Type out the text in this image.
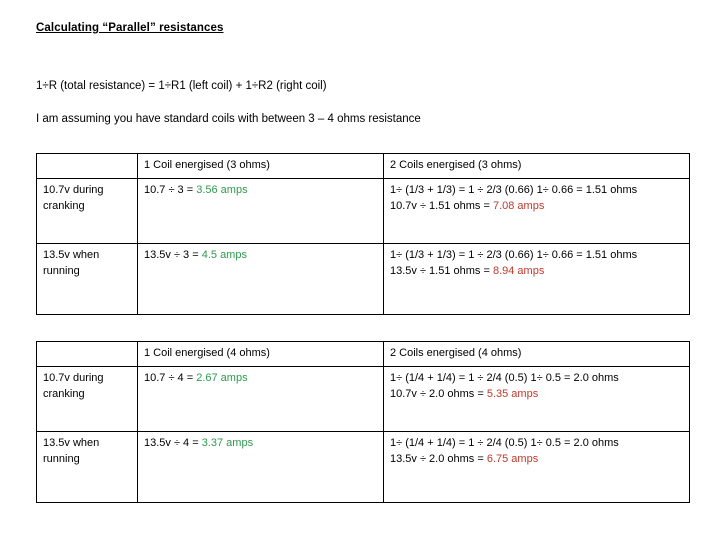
Calculating “Parallel” resistances

1÷R (total resistance) = 1÷R1 (left coil) + 1÷R2 (right coil)

I am assuming you have standard coils with between 3 – 4 ohms resistance

	1 Coil energised (3 ohms)	2 Coils energised (3 ohms)

10.7v during
cranking	10.7 ÷ 3 = 3.56 amps	1÷ (1/3 + 1/3) = 1 ÷ 2/3 (0.66) 1÷ 0.66 = 1.51 ohms
10.7v ÷ 1.51 ohms = 7.08 amps

13.5v when
running	13.5v ÷ 3 = 4.5 amps	1÷ (1/3 + 1/3) = 1 ÷ 2/3 (0.66) 1÷ 0.66 = 1.51 ohms
13.5v ÷ 1.51 ohms = 8.94 amps
	1 Coil energised (4 ohms)	2 Coils energised (4 ohms)

10.7v during
cranking	10.7 ÷ 4 = 2.67 amps	1÷ (1/4 + 1/4) = 1 ÷ 2/4 (0.5) 1÷ 0.5 = 2.0 ohms
10.7v ÷ 2.0 ohms = 5.35 amps

13.5v when
running	13.5v ÷ 4 = 3.37 amps	1÷ (1/4 + 1/4) = 1 ÷ 2/4 (0.5) 1÷ 0.5 = 2.0 ohms
13.5v ÷ 2.0 ohms = 6.75 amps
